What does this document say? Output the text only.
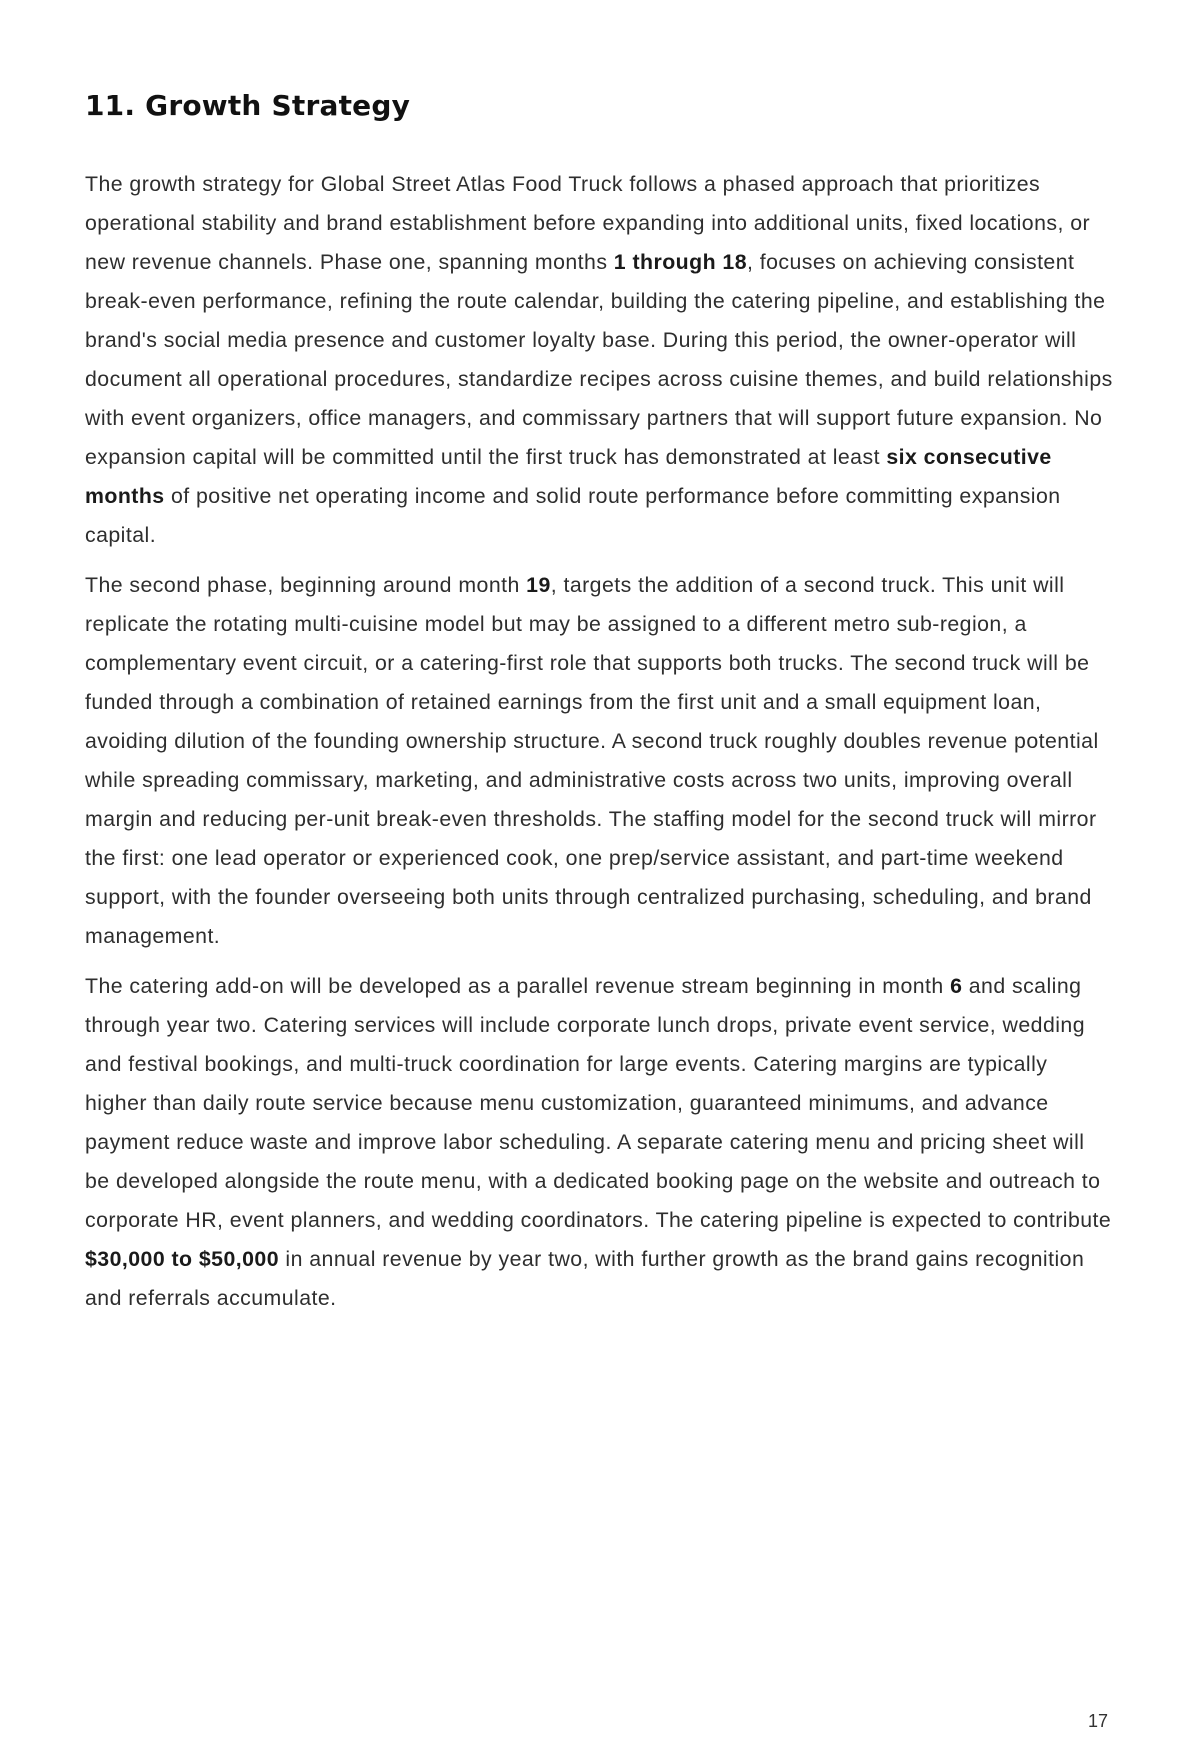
11. Growth Strategy

The growth strategy for Global Street Atlas Food Truck follows a phased approach that prioritizes operational stability and brand establishment before expanding into additional units, fixed locations, or new revenue channels. Phase one, spanning months 1 through 18, focuses on achieving consistent break-even performance, refining the route calendar, building the catering pipeline, and establishing the brand's social media presence and customer loyalty base. During this period, the owner-operator will document all operational procedures, standardize recipes across cuisine themes, and build relationships with event organizers, office managers, and commissary partners that will support future expansion. No expansion capital will be committed until the first truck has demonstrated at least six consecutive months of positive net operating income and solid route performance before committing expansion capital.

The second phase, beginning around month 19, targets the addition of a second truck. This unit will replicate the rotating multi-cuisine model but may be assigned to a different metro sub-region, a complementary event circuit, or a catering-first role that supports both trucks. The second truck will be funded through a combination of retained earnings from the first unit and a small equipment loan, avoiding dilution of the founding ownership structure. A second truck roughly doubles revenue potential while spreading commissary, marketing, and administrative costs across two units, improving overall margin and reducing per-unit break-even thresholds. The staffing model for the second truck will mirror the first: one lead operator or experienced cook, one prep/service assistant, and part-time weekend support, with the founder overseeing both units through centralized purchasing, scheduling, and brand management.

The catering add-on will be developed as a parallel revenue stream beginning in month 6 and scaling through year two. Catering services will include corporate lunch drops, private event service, wedding and festival bookings, and multi-truck coordination for large events. Catering margins are typically higher than daily route service because menu customization, guaranteed minimums, and advance payment reduce waste and improve labor scheduling. A separate catering menu and pricing sheet will be developed alongside the route menu, with a dedicated booking page on the website and outreach to corporate HR, event planners, and wedding coordinators. The catering pipeline is expected to contribute $30,000 to $50,000 in annual revenue by year two, with further growth as the brand gains recognition and referrals accumulate.

17
